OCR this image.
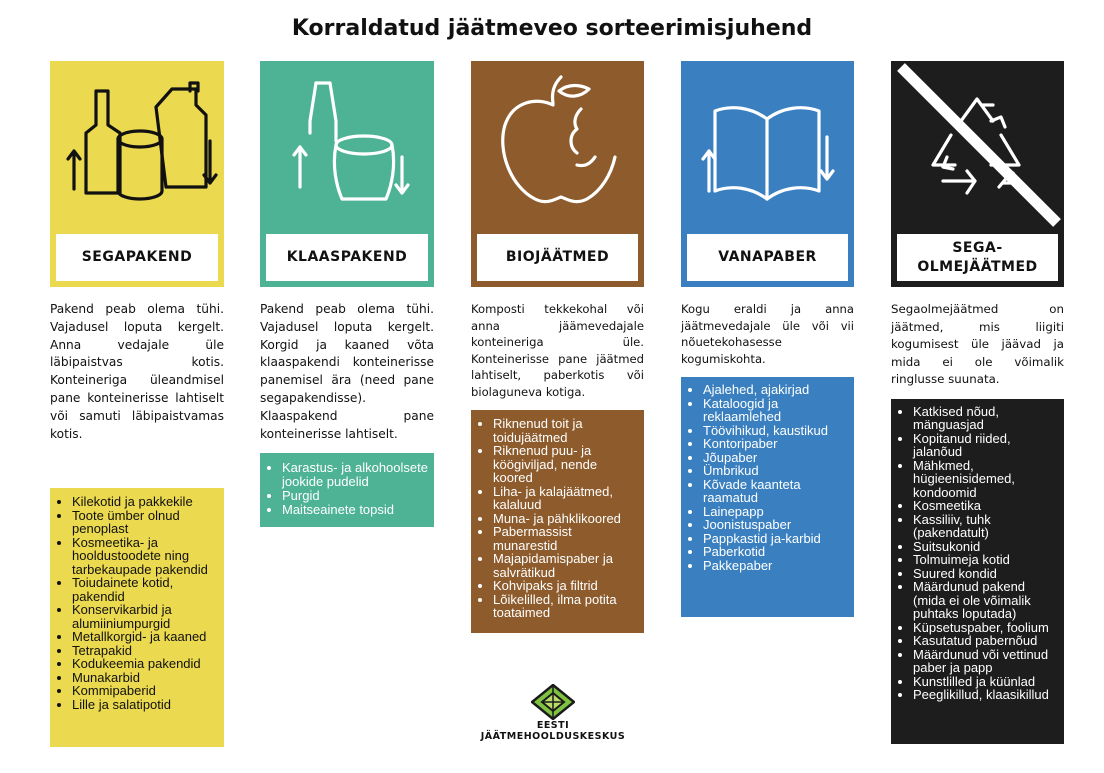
Korraldatud jäätmeveo sorteerimisjuhend
SEGAPAKEND
Pakend peab olema tühi. Vajadusel loputa kergelt. Anna vedajale üle läbipaistvas kotis. Konteineriga üleandmisel pane konteinerisse lahtiselt või samuti läbipaistvamas kotis.
• Kilekotid ja pakkekile
• Toote ümber olnud penoplast
• Kosmeetika- ja hooldustoodete ning tarbekaupade pakendid
• Toiudainete kotid, pakendid
• Konservikarbid ja alumiiniumpurgid
• Metallkorgid- ja kaaned
• Tetrapakid
• Kodukeemia pakendid
• Munakarbid
• Kommipaberid
• Lille ja salatipotid
KLAASPAKEND
Pakend peab olema tühi. Vajadusel loputa kergelt. Korgid ja kaaned võta klaaspakendi konteinerisse panemisel ära (need pane segapakendisse). Klaaspakend pane konteinerisse lahtiselt.
• Karastus- ja alkohoolsete jookide pudelid
• Purgid
• Maitseainete topsid
BIOJÄÄTMED
Komposti tekkekohal või anna jäämevedajale konteineriga üle. Konteinerisse pane jäätmed lahtiselt, paberkotis või biolaguneva kotiga.
• Riknenud toit ja toidujäätmed
• Riknenud puu- ja köögiviljad, nende koored
• Liha- ja kalajäätmed, kalaluud
• Muna- ja pähklikoored
• Pabermassist munarestid
• Majapidamispaber ja salvrätikud
• Kohvipaks ja filtrid
• Lõikelilled, ilma potita toataimed
VANAPABER
Kogu eraldi ja anna jäätmevedajale üle või vii nõuetekohasesse kogumiskohta.
• Ajalehed, ajakirjad
• Kataloogid ja reklaamlehed
• Töövihikud, kaustikud
• Kontoripaber
• Jõupaber
• Ümbrikud
• Kõvade kaanteta raamatud
• Lainepapp
• Joonistuspaber
• Pappkastid ja-karbid
• Paberkotid
• Pakkepaber
SEGA-
OLMEJÄÄTMED
Segaolmejäätmed on jäätmed, mis liigiti kogumisest üle jäävad ja mida ei ole võimalik ringlusse suunata.
• Katkised nõud, mänguasjad
• Kopitanud riided, jalanõud
• Mähkmed, hügieenisidemed, kondoomid
• Kosmeetika
• Kassiliiv, tuhk (pakendatult)
• Suitsukonid
• Tolmuimeja kotid
• Suured kondid
• Määrdunud pakend (mida ei ole võimalik puhtaks loputada)
• Küpsetuspaber, foolium
• Kasutatud pabernõud
• Määrdunud või vettinud paber ja papp
• Kunstlilled ja küünlad
• Peeglikillud, klaasikillud
EESTI
JÄÄTMEHOOLDUSKESKUS
